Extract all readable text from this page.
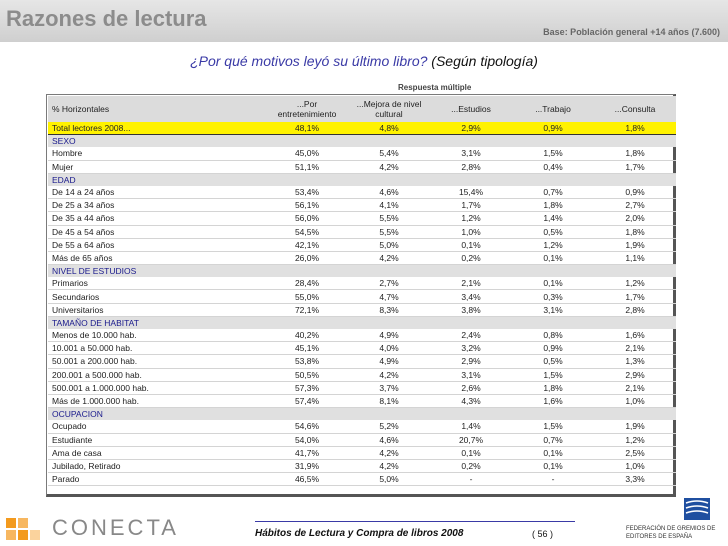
Razones de lectura
Base: Población general +14 años (7.600)
¿Por qué motivos leyó su último libro? (Según tipología)
Respuesta múltiple
% Horizontales	...Por entretenimiento	...Mejora de nivel cultural	...Estudios	...Trabajo	...Consulta
Total lectores 2008...	48,1%	4,8%	2,9%	0,9%	1,8%
SEXO					
Hombre	45,0%	5,4%	3,1%	1,5%	1,8%
Mujer	51,1%	4,2%	2,8%	0,4%	1,7%
EDAD					
De 14 a 24 años	53,4%	4,6%	15,4%	0,7%	0,9%
De 25 a 34 años	56,1%	4,1%	1,7%	1,8%	2,7%
De 35 a 44 años	56,0%	5,5%	1,2%	1,4%	2,0%
De 45 a 54 años	54,5%	5,5%	1,0%	0,5%	1,8%
De 55 a 64 años	42,1%	5,0%	0,1%	1,2%	1,9%
Más de 65 años	26,0%	4,2%	0,2%	0,1%	1,1%
NIVEL DE ESTUDIOS					
Primarios	28,4%	2,7%	2,1%	0,1%	1,2%
Secundarios	55,0%	4,7%	3,4%	0,3%	1,7%
Universitarios	72,1%	8,3%	3,8%	3,1%	2,8%
TAMAÑO DE HABITAT					
Menos de 10.000 hab.	40,2%	4,9%	2,4%	0,8%	1,6%
10.001 a 50.000 hab.	45,1%	4,0%	3,2%	0,9%	2,1%
50.001 a 200.000 hab.	53,8%	4,9%	2,9%	0,5%	1,3%
200.001 a 500.000 hab.	50,5%	4,2%	3,1%	1,5%	2,9%
500.001 a 1.000.000 hab.	57,3%	3,7%	2,6%	1,8%	2,1%
Más de 1.000.000 hab.	57,4%	8,1%	4,3%	1,6%	1,0%
OCUPACION					
Ocupado	54,6%	5,2%	1,4%	1,5%	1,9%
Estudiante	54,0%	4,6%	20,7%	0,7%	1,2%
Ama de casa	41,7%	4,2%	0,1%	0,1%	2,5%
Jubilado, Retirado	31,9%	4,2%	0,2%	0,1%	1,0%
Parado	46,5%	5,0%	-	-	3,3%
CONECTA	Hábitos de Lectura y Compra de libros 2008	( 56 )	FEDERACIÓN DE GREMIOS DE EDITORES DE ESPAÑA
